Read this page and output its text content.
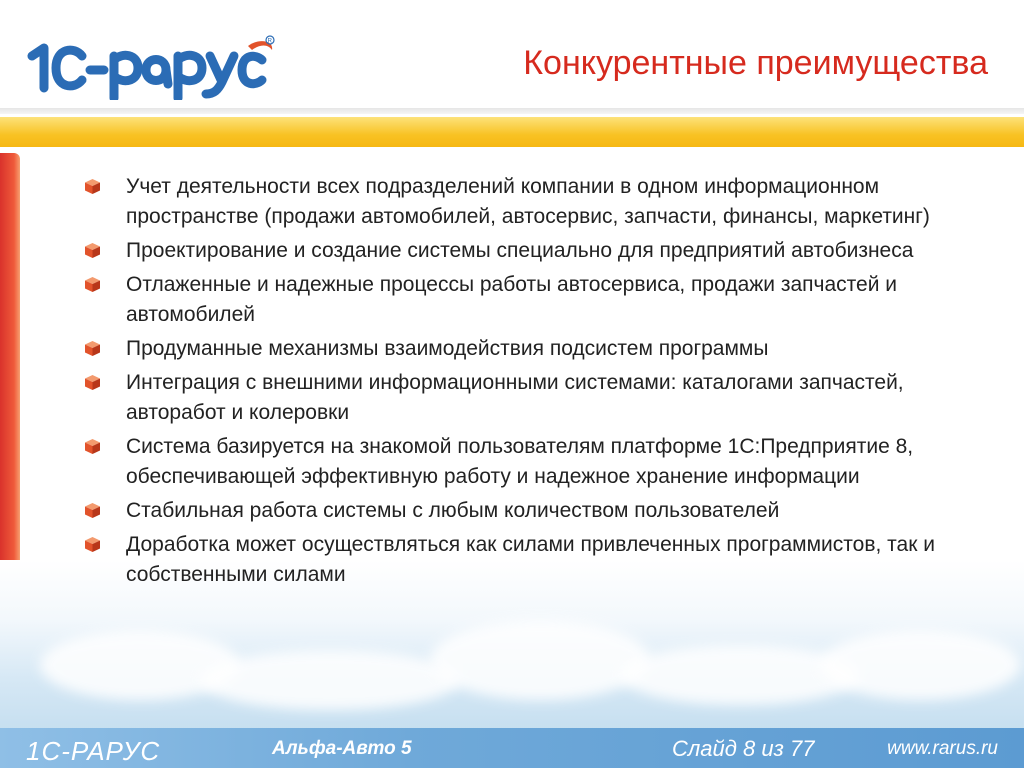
R
Конкурентные преимущества
Учет деятельности всех подразделений компании в одном информационном пространстве (продажи автомобилей, автосервис, запчасти, финансы, маркетинг)
Проектирование и создание системы специально для предприятий автобизнеса
Отлаженные и надежные процессы работы автосервиса, продажи запчастей и автомобилей
Продуманные механизмы взаимодействия подсистем программы
Интеграция с внешними информационными системами: каталогами запчастей, авторабот и колеровки
Система базируется на знакомой пользователям платформе 1С:Предприятие 8, обеспечивающей эффективную работу и надежное хранение информации
Стабильная работа системы с любым количеством пользователей
Доработка может осуществляться как силами привлеченных программистов, так и собственными силами
1С-РАРУС	Альфа-Авто 5	Слайд 8 из 77	www.rarus.ru
